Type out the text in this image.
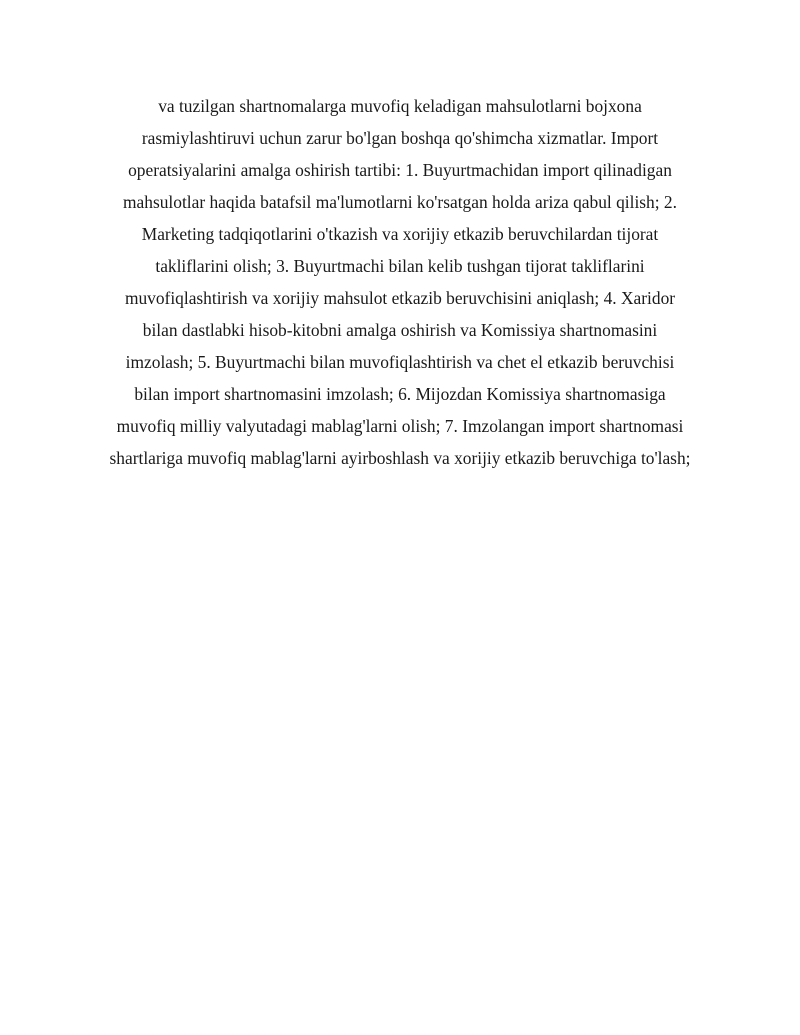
va tuzilgan shartnomalarga muvofiq keladigan mahsulotlarni bojxona
rasmiylashtiruvi uchun zarur bo'lgan boshqa qo'shimcha xizmatlar. Import
operatsiyalarini amalga oshirish tartibi: 1. Buyurtmachidan import qilinadigan
mahsulotlar haqida batafsil ma'lumotlarni ko'rsatgan holda ariza qabul qilish; 2.
Marketing tadqiqotlarini o'tkazish va xorijiy etkazib beruvchilardan tijorat
takliflarini olish; 3. Buyurtmachi bilan kelib tushgan tijorat takliflarini
muvofiqlashtirish va xorijiy mahsulot etkazib beruvchisini aniqlash; 4. Xaridor
bilan dastlabki hisob-kitobni amalga oshirish va Komissiya shartnomasini
imzolash; 5. Buyurtmachi bilan muvofiqlashtirish va chet el etkazib beruvchisi
bilan import shartnomasini imzolash; 6. Mijozdan Komissiya shartnomasiga
muvofiq milliy valyutadagi mablag'larni olish; 7. Imzolangan import shartnomasi
shartlariga muvofiq mablag'larni ayirboshlash va xorijiy etkazib beruvchiga to'lash;
